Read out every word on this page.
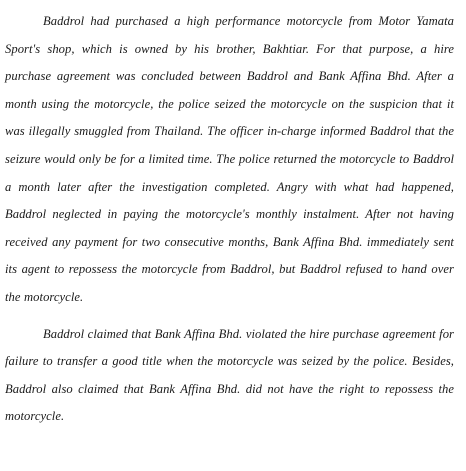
Baddrol had purchased a high performance motorcycle from Motor Yamata Sport's shop, which is owned by his brother, Bakhtiar. For that purpose, a hire purchase agreement was concluded between Baddrol and Bank Affina Bhd. After a month using the motorcycle, the police seized the motorcycle on the suspicion that it was illegally smuggled from Thailand. The officer in-charge informed Baddrol that the seizure would only be for a limited time. The police returned the motorcycle to Baddrol a month later after the investigation completed. Angry with what had happened, Baddrol neglected in paying the motorcycle's monthly instalment. After not having received any payment for two consecutive months, Bank Affina Bhd. immediately sent its agent to repossess the motorcycle from Baddrol, but Baddrol refused to hand over the motorcycle.

Baddrol claimed that Bank Affina Bhd. violated the hire purchase agreement for failure to transfer a good title when the motorcycle was seized by the police. Besides, Baddrol also claimed that Bank Affina Bhd. did not have the right to repossess the motorcycle.
